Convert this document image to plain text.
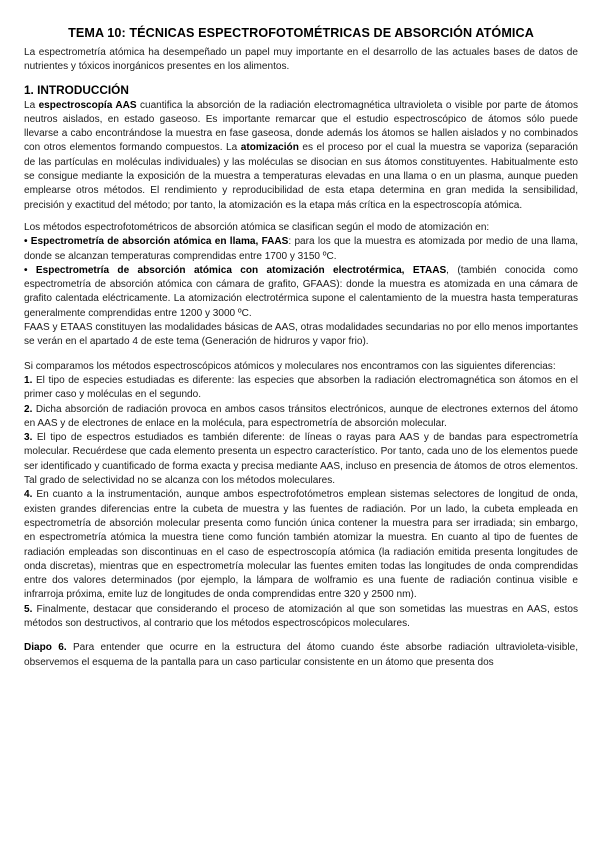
TEMA 10: TÉCNICAS ESPECTROFOTOMÉTRICAS DE ABSORCIÓN ATÓMICA

La espectrometría atómica ha desempeñado un papel muy importante en el desarrollo de las actuales bases de datos de nutrientes y tóxicos inorgánicos presentes en los alimentos.

1. INTRODUCCIÓN

La espectroscopía AAS cuantifica la absorción de la radiación electromagnética ultravioleta o visible por parte de átomos neutros aislados, en estado gaseoso. Es importante remarcar que el estudio espectroscópico de átomos sólo puede llevarse a cabo encontrándose la muestra en fase gaseosa, donde además los átomos se hallen aislados y no combinados con otros elementos formando compuestos. La atomización es el proceso por el cual la muestra se vaporiza (separación de las partículas en moléculas individuales) y las moléculas se disocian en sus átomos constituyentes. Habitualmente esto se consigue mediante la exposición de la muestra a temperaturas elevadas en una llama o en un plasma, aunque pueden emplearse otros métodos. El rendimiento y reproducibilidad de esta etapa determina en gran medida la sensibilidad, precisión y exactitud del método; por tanto, la atomización es la etapa más crítica en la espectroscopía atómica.

Los métodos espectrofotométricos de absorción atómica se clasifican según el modo de atomización en:
• Espectrometría de absorción atómica en llama, FAAS: para los que la muestra es atomizada por medio de una llama, donde se alcanzan temperaturas comprendidas entre 1700 y 3150 ºC.
• Espectrometría de absorción atómica con atomización electrotérmica, ETAAS, (también conocida como espectrometría de absorción atómica con cámara de grafito, GFAAS): donde la muestra es atomizada en una cámara de grafito calentada eléctricamente. La atomización electrotérmica supone el calentamiento de la muestra hasta temperaturas generalmente comprendidas entre 1200 y 3000 ºC.
FAAS y ETAAS constituyen las modalidades básicas de AAS, otras modalidades secundarias no por ello menos importantes se verán en el apartado 4 de este tema (Generación de hidruros y vapor frio).
Si comparamos los métodos espectroscópicos atómicos y moleculares nos encontramos con las siguientes diferencias:
1. El tipo de especies estudiadas es diferente: las especies que absorben la radiación electromagnética son átomos en el primer caso y moléculas en el segundo.
2. Dicha absorción de radiación provoca en ambos casos tránsitos electrónicos, aunque de electrones externos del átomo en AAS y de electrones de enlace en la molécula, para espectrometría de absorción molecular.
3. El tipo de espectros estudiados es también diferente: de líneas o rayas para AAS y de bandas para espectrometría molecular. Recuérdese que cada elemento presenta un espectro característico. Por tanto, cada uno de los elementos puede ser identificado y cuantificado de forma exacta y precisa mediante AAS, incluso en presencia de átomos de otros elementos. Tal grado de selectividad no se alcanza con los métodos moleculares.
4. En cuanto a la instrumentación, aunque ambos espectrofotómetros emplean sistemas selectores de longitud de onda, existen grandes diferencias entre la cubeta de muestra y las fuentes de radiación. Por un lado, la cubeta empleada en espectrometría de absorción molecular presenta como función única contener la muestra para ser irradiada; sin embargo, en espectrometría atómica la muestra tiene como función también atomizar la muestra. En cuanto al tipo de fuentes de radiación empleadas son discontinuas en el caso de espectroscopía atómica (la radiación emitida presenta longitudes de onda discretas), mientras que en espectrometría molecular las fuentes emiten todas las longitudes de onda comprendidas entre dos valores determinados (por ejemplo, la lámpara de wolframio es una fuente de radiación continua visible e infrarroja próxima, emite luz de longitudes de onda comprendidas entre 320 y 2500 nm).
5. Finalmente, destacar que considerando el proceso de atomización al que son sometidas las muestras en AAS, estos métodos son destructivos, al contrario que los métodos espectroscópicos moleculares.

Diapo 6. Para entender que ocurre en la estructura del átomo cuando éste absorbe radiación ultravioleta-visible, observemos el esquema de la pantalla para un caso particular consistente en un átomo que presenta dos
